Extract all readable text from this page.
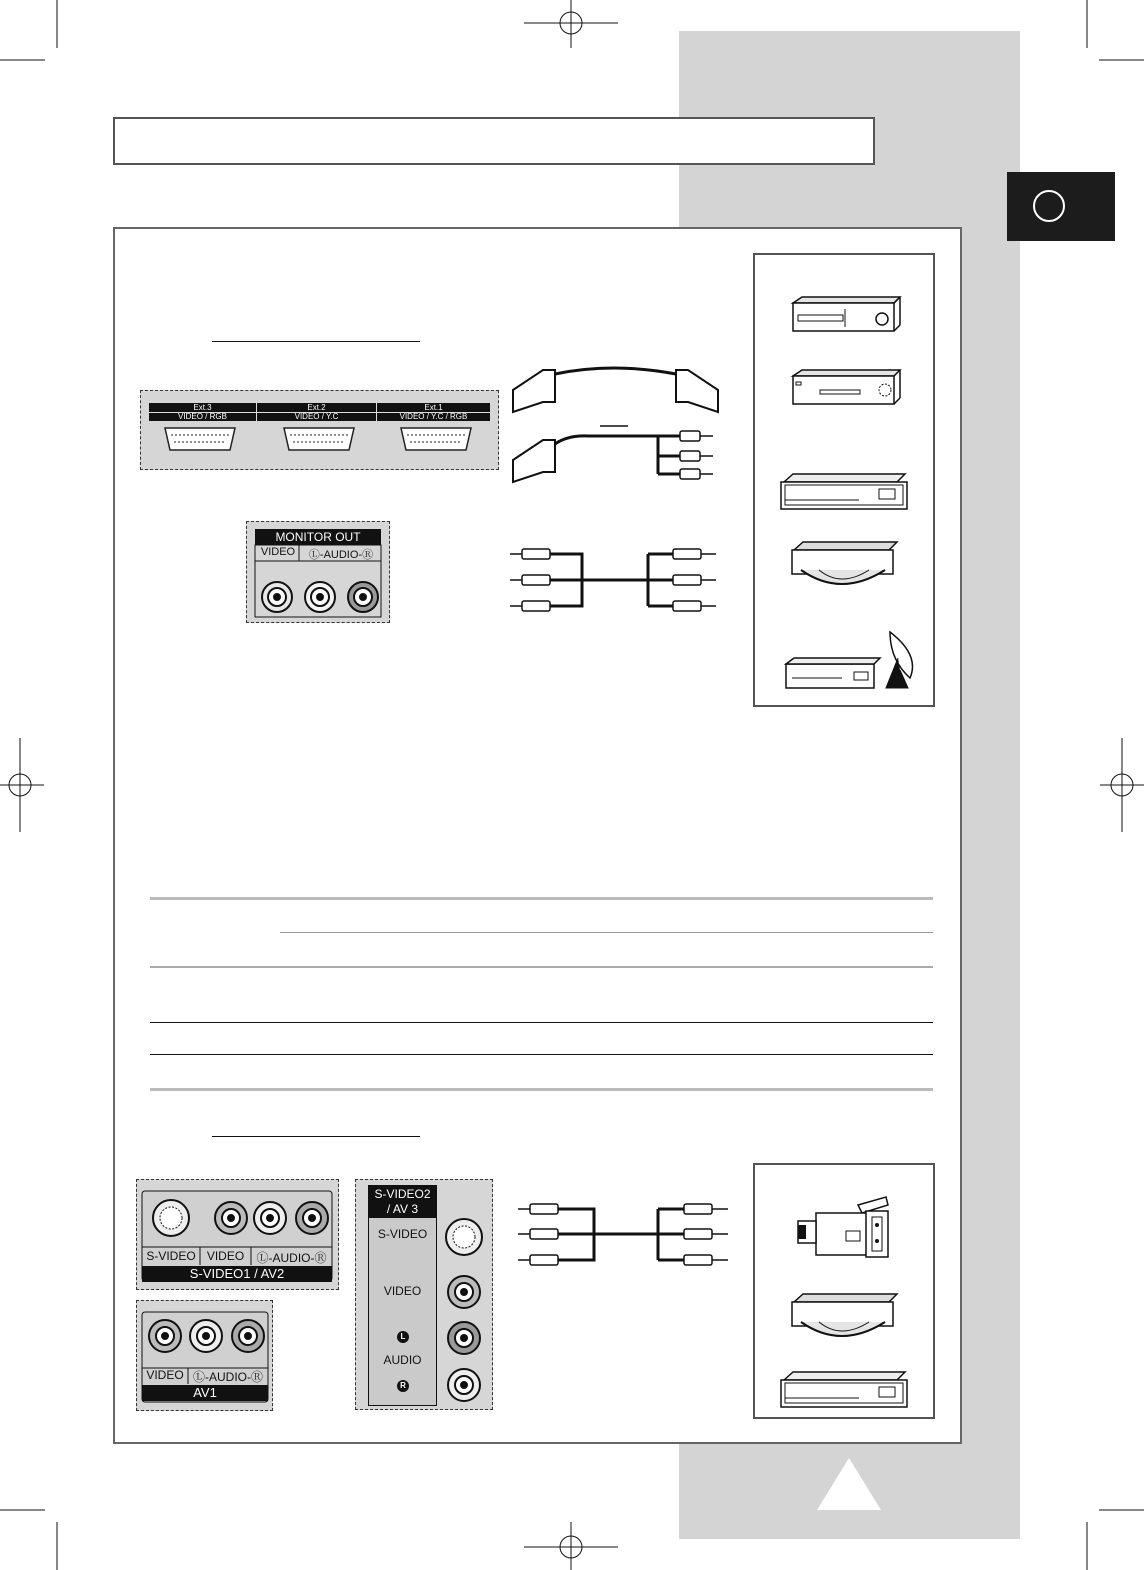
Ext.3
VIDEO / RGB
Ext.2
VIDEO / Y.C
Ext.1
VIDEO / Y.C / RGB
MONITOR OUT
VIDEO	Ⓛ-AUDIO-Ⓡ
S-VIDEO VIDEO	Ⓛ-AUDIO-Ⓡ
S-VIDEO1 / AV2
VIDEO Ⓛ-AUDIO-Ⓡ
AV1
S-VIDEO2
/ AV 3
S-VIDEO
VIDEO
L
AUDIO
R
